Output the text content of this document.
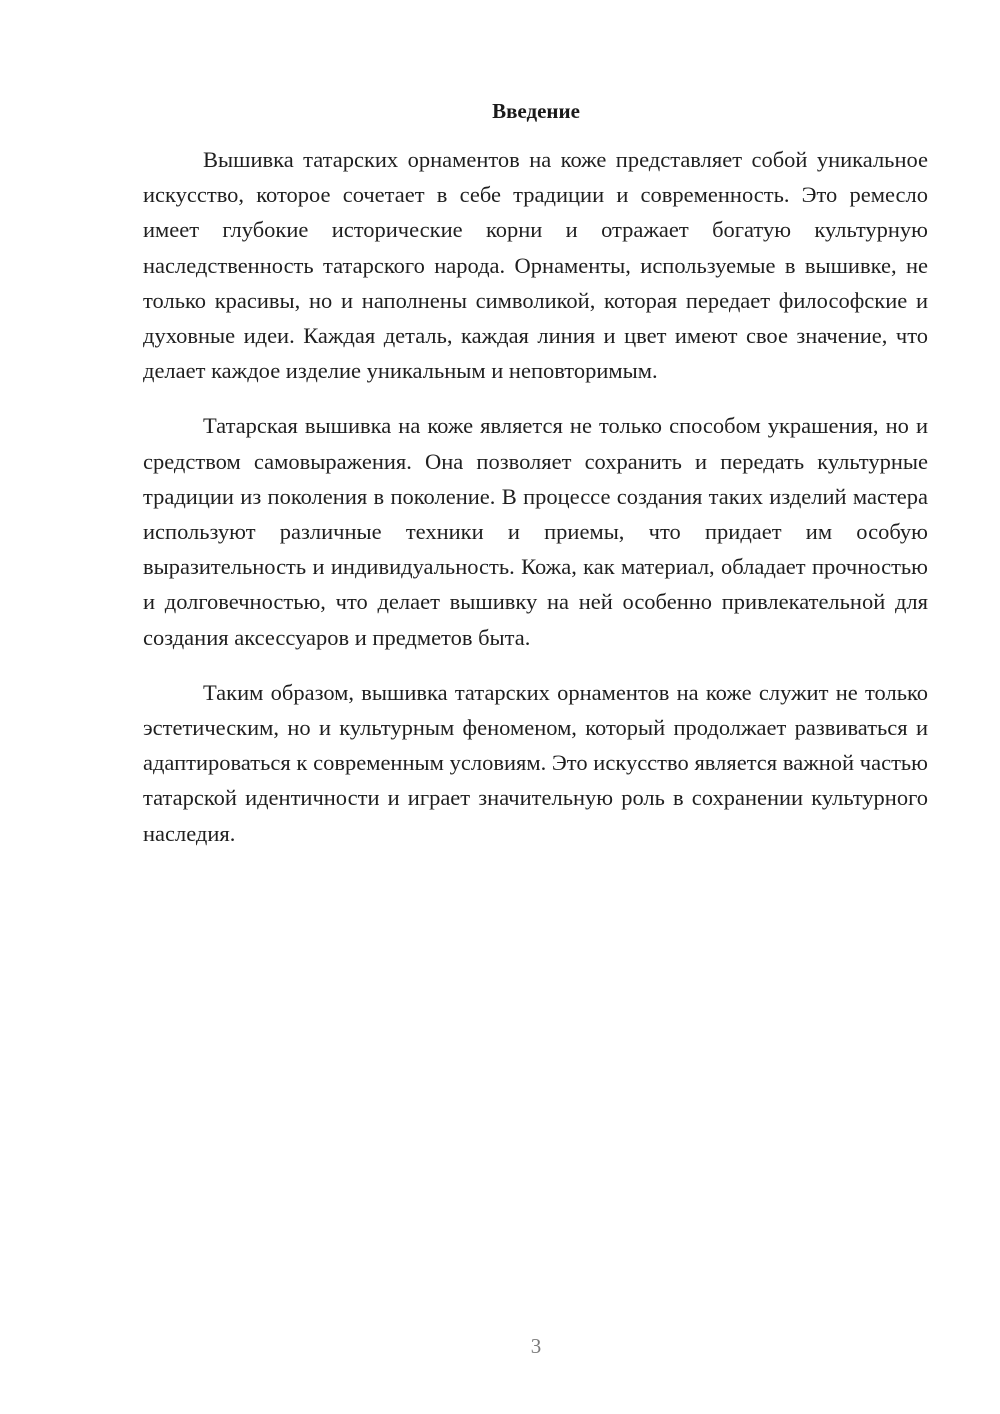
Введение

Вышивка татарских орнаментов на коже представляет собой уникальное искусство, которое сочетает в себе традиции и современность. Это ремесло имеет глубокие исторические корни и отражает богатую культурную наследственность татарского народа. Орнаменты, используемые в вышивке, не только красивы, но и наполнены символикой, которая передает философские и духовные идеи. Каждая деталь, каждая линия и цвет имеют свое значение, что делает каждое изделие уникальным и неповторимым.

Татарская вышивка на коже является не только способом украшения, но и средством самовыражения. Она позволяет сохранить и передать культурные традиции из поколения в поколение. В процессе создания таких изделий мастера используют различные техники и приемы, что придает им особую выразительность и индивидуальность. Кожа, как материал, обладает прочностью и долговечностью, что делает вышивку на ней особенно привлекательной для создания аксессуаров и предметов быта.

Таким образом, вышивка татарских орнаментов на коже служит не только эстетическим, но и культурным феноменом, который продолжает развиваться и адаптироваться к современным условиям. Это искусство является важной частью татарской идентичности и играет значительную роль в сохранении культурного наследия.

3
